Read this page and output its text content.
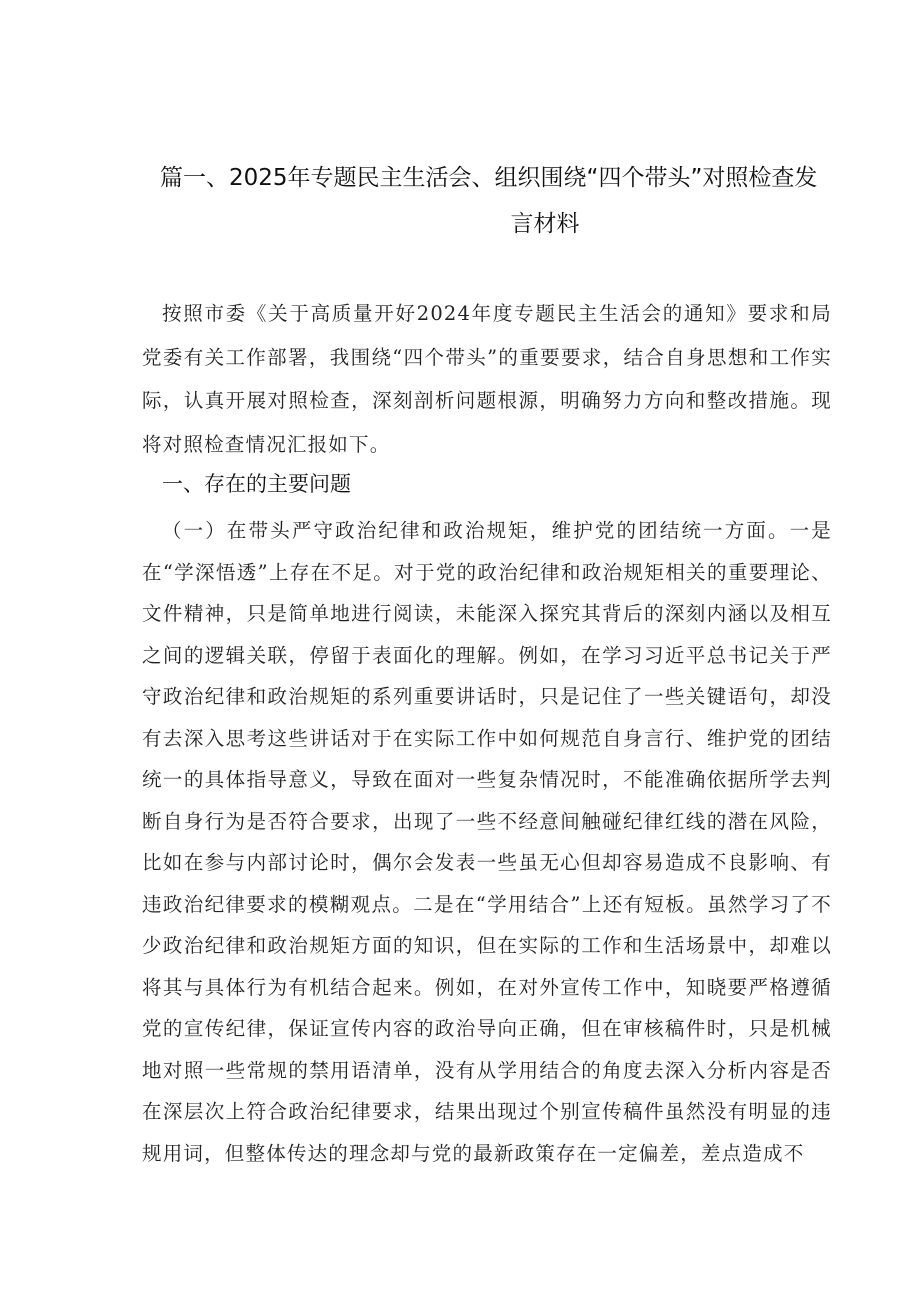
篇一、2025年专题民主生活会、组织围绕“四个带头”对照检查发
言材料
按照市委《关于高质量开好2024年度专题民主生活会的通知》要求和局党委有关工作部署，我围绕“四个带头”的重要要求，结合自身思想和工作实际，认真开展对照检查，深刻剖析问题根源，明确努力方向和整改措施。现将对照检查情况汇报如下。
一、存在的主要问题
（一）在带头严守政治纪律和政治规矩，维护党的团结统一方面。一是在“学深悟透”上存在不足。对于党的政治纪律和政治规矩相关的重要理论、文件精神，只是简单地进行阅读，未能深入探究其背后的深刻内涵以及相互之间的逻辑关联，停留于表面化的理解。例如，在学习习近平总书记关于严守政治纪律和政治规矩的系列重要讲话时，只是记住了一些关键语句，却没有去深入思考这些讲话对于在实际工作中如何规范自身言行、维护党的团结统一的具体指导意义，导致在面对一些复杂情况时，不能准确依据所学去判断自身行为是否符合要求，出现了一些不经意间触碰纪律红线的潜在风险，比如在参与内部讨论时，偶尔会发表一些虽无心但却容易造成不良影响、有违政治纪律要求的模糊观点。二是在“学用结合”上还有短板。虽然学习了不少政治纪律和政治规矩方面的知识，但在实际的工作和生活场景中，却难以将其与具体行为有机结合起来。例如，在对外宣传工作中，知晓要严格遵循党的宣传纪律，保证宣传内容的政治导向正确，但在审核稿件时，只是机械地对照一些常规的禁用语清单，没有从学用结合的角度去深入分析内容是否在深层次上符合政治纪律要求，结果出现过个别宣传稿件虽然没有明显的违规用词，但整体传达的理念却与党的最新政策存在一定偏差，差点造成不
